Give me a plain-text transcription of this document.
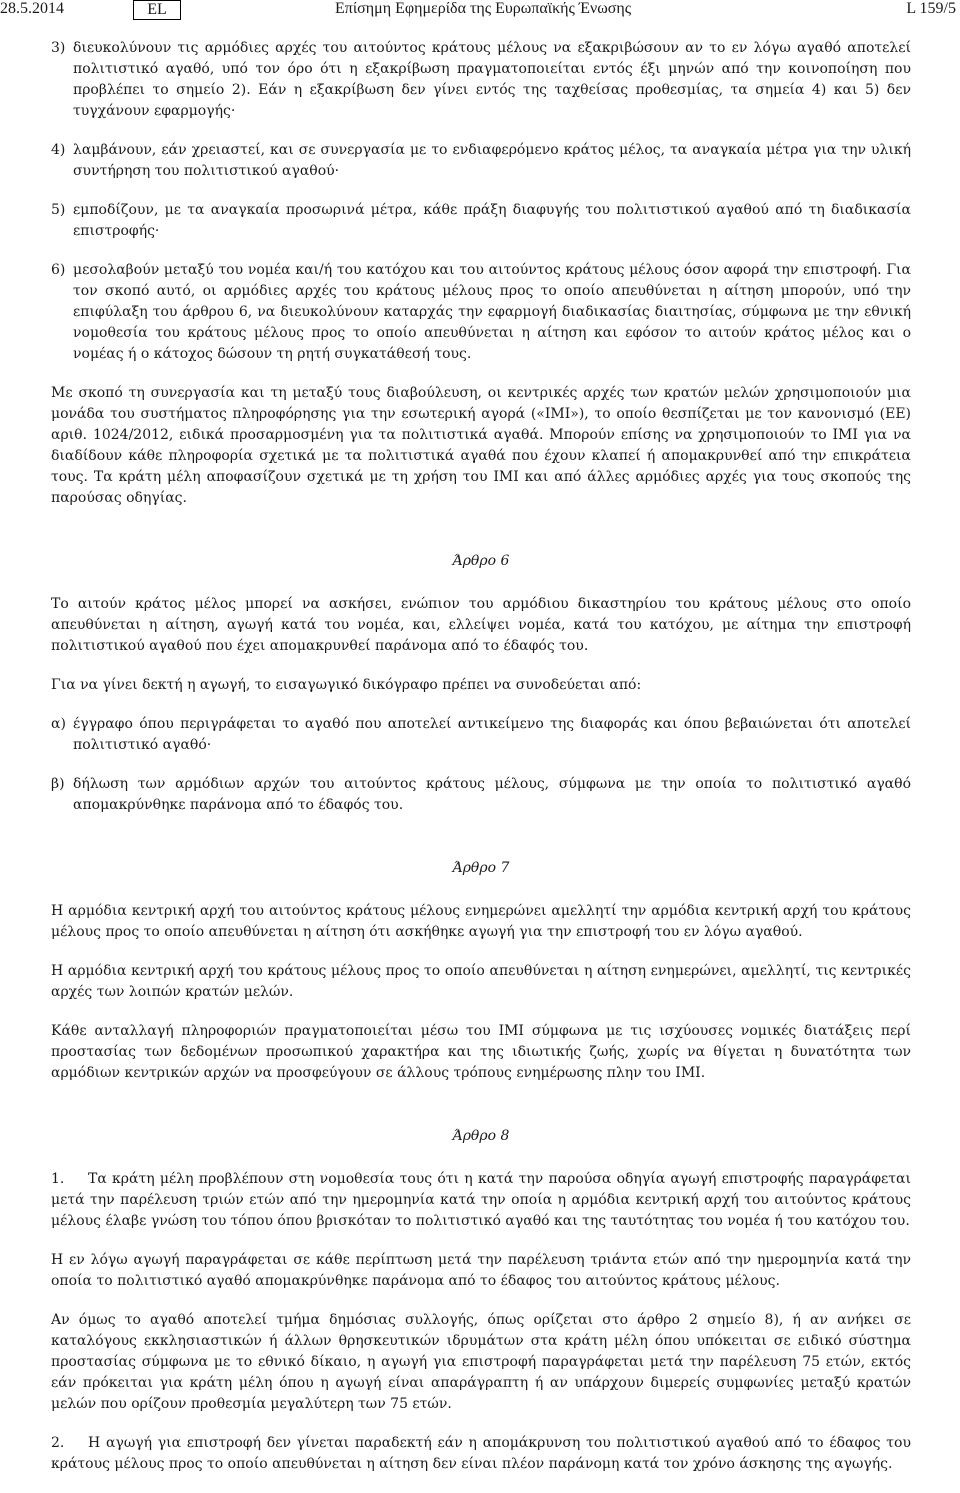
28.5.2014	EL	Επίσημη Εφημερίδα της Ευρωπαϊκής Ένωσης	L 159/5
3) διευκολύνουν τις αρμόδιες αρχές του αιτούντος κράτους μέλους να εξακριβώσουν αν το εν λόγω αγαθό αποτελεί πολιτιστικό αγαθό, υπό τον όρο ότι η εξακρίβωση πραγματοποιείται εντός έξι μηνών από την κοινοποίηση που προβλέπει το σημείο 2). Εάν η εξακρίβωση δεν γίνει εντός της ταχθείσας προθεσμίας, τα σημεία 4) και 5) δεν τυγχάνουν εφαρμογής·
4) λαμβάνουν, εάν χρειαστεί, και σε συνεργασία με το ενδιαφερόμενο κράτος μέλος, τα αναγκαία μέτρα για την υλική συντήρηση του πολιτιστικού αγαθού·
5) εμποδίζουν, με τα αναγκαία προσωρινά μέτρα, κάθε πράξη διαφυγής του πολιτιστικού αγαθού από τη διαδικασία επιστροφής·
6) μεσολαβούν μεταξύ του νομέα και/ή του κατόχου και του αιτούντος κράτους μέλους όσον αφορά την επιστροφή. Για τον σκοπό αυτό, οι αρμόδιες αρχές του κράτους μέλους προς το οποίο απευθύνεται η αίτηση μπορούν, υπό την επιφύλαξη του άρθρου 6, να διευκολύνουν καταρχάς την εφαρμογή διαδικασίας διαιτησίας, σύμφωνα με την εθνική νομοθεσία του κράτους μέλους προς το οποίο απευθύνεται η αίτηση και εφόσον το αιτούν κράτος μέλος και ο νομέας ή ο κάτοχος δώσουν τη ρητή συγκατάθεσή τους.

Με σκοπό τη συνεργασία και τη μεταξύ τους διαβούλευση, οι κεντρικές αρχές των κρατών μελών χρησιμοποιούν μια μονάδα του συστήματος πληροφόρησης για την εσωτερική αγορά («IMI»), το οποίο θεσπίζεται με τον κανονισμό (ΕΕ) αριθ. 1024/2012, ειδικά προσαρμοσμένη για τα πολιτιστικά αγαθά. Μπορούν επίσης να χρησιμοποιούν το IMI για να διαδίδουν κάθε πληροφορία σχετικά με τα πολιτιστικά αγαθά που έχουν κλαπεί ή απομακρυνθεί από την επικράτεια τους. Τα κράτη μέλη αποφασίζουν σχετικά με τη χρήση του IMI και από άλλες αρμόδιες αρχές για τους σκοπούς της παρούσας οδηγίας.

Άρθρο 6

Το αιτούν κράτος μέλος μπορεί να ασκήσει, ενώπιον του αρμόδιου δικαστηρίου του κράτους μέλους στο οποίο απευθύνεται η αίτηση, αγωγή κατά του νομέα, και, ελλείψει νομέα, κατά του κατόχου, με αίτημα την επιστροφή πολιτιστικού αγαθού που έχει απομακρυνθεί παράνομα από το έδαφός του.

Για να γίνει δεκτή η αγωγή, το εισαγωγικό δικόγραφο πρέπει να συνοδεύεται από:

α) έγγραφο όπου περιγράφεται το αγαθό που αποτελεί αντικείμενο της διαφοράς και όπου βεβαιώνεται ότι αποτελεί πολιτιστικό αγαθό·
β) δήλωση των αρμόδιων αρχών του αιτούντος κράτους μέλους, σύμφωνα με την οποία το πολιτιστικό αγαθό απομακρύνθηκε παράνομα από το έδαφός του.
Άρθρο 7

Η αρμόδια κεντρική αρχή του αιτούντος κράτους μέλους ενημερώνει αμελλητί την αρμόδια κεντρική αρχή του κράτους μέλους προς το οποίο απευθύνεται η αίτηση ότι ασκήθηκε αγωγή για την επιστροφή του εν λόγω αγαθού.

Η αρμόδια κεντρική αρχή του κράτους μέλους προς το οποίο απευθύνεται η αίτηση ενημερώνει, αμελλητί, τις κεντρικές αρχές των λοιπών κρατών μελών.

Κάθε ανταλλαγή πληροφοριών πραγματοποιείται μέσω του IMI σύμφωνα με τις ισχύουσες νομικές διατάξεις περί προστασίας των δεδομένων προσωπικού χαρακτήρα και της ιδιωτικής ζωής, χωρίς να θίγεται η δυνατότητα των αρμόδιων κεντρικών αρχών να προσφεύγουν σε άλλους τρόπους ενημέρωσης πλην του IMI.

Άρθρο 8

1. Τα κράτη μέλη προβλέπουν στη νομοθεσία τους ότι η κατά την παρούσα οδηγία αγωγή επιστροφής παραγράφεται μετά την παρέλευση τριών ετών από την ημερομηνία κατά την οποία η αρμόδια κεντρική αρχή του αιτούντος κράτους μέλους έλαβε γνώση του τόπου όπου βρισκόταν το πολιτιστικό αγαθό και της ταυτότητας του νομέα ή του κατόχου του.

Η εν λόγω αγωγή παραγράφεται σε κάθε περίπτωση μετά την παρέλευση τριάντα ετών από την ημερομηνία κατά την οποία το πολιτιστικό αγαθό απομακρύνθηκε παράνομα από το έδαφος του αιτούντος κράτους μέλους.

Αν όμως το αγαθό αποτελεί τμήμα δημόσιας συλλογής, όπως ορίζεται στο άρθρο 2 σημείο 8), ή αν ανήκει σε καταλόγους εκκλησιαστικών ή άλλων θρησκευτικών ιδρυμάτων στα κράτη μέλη όπου υπόκειται σε ειδικό σύστημα προστασίας σύμφωνα με το εθνικό δίκαιο, η αγωγή για επιστροφή παραγράφεται μετά την παρέλευση 75 ετών, εκτός εάν πρόκειται για κράτη μέλη όπου η αγωγή είναι απαράγραπτη ή αν υπάρχουν διμερείς συμφωνίες μεταξύ κρατών μελών που ορίζουν προθεσμία μεγαλύτερη των 75 ετών.

2. Η αγωγή για επιστροφή δεν γίνεται παραδεκτή εάν η απομάκρυνση του πολιτιστικού αγαθού από το έδαφος του κράτους μέλους προς το οποίο απευθύνεται η αίτηση δεν είναι πλέον παράνομη κατά τον χρόνο άσκησης της αγωγής.
